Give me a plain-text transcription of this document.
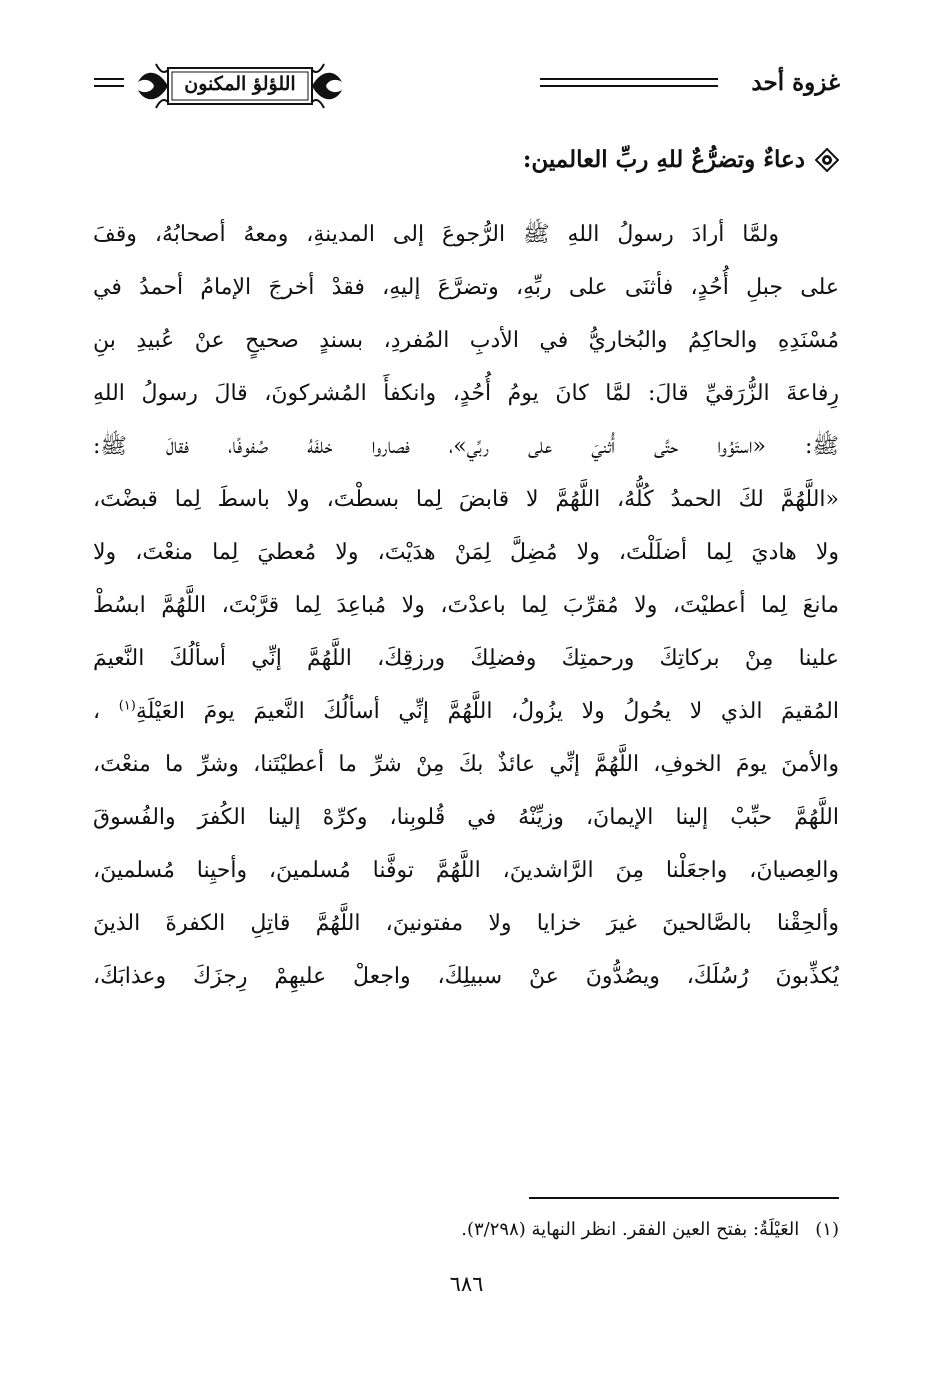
غزوة أحد
اللؤلؤ المكنون
دعاءٌ وتضرُّعٌ للهِ ربِّ العالمين:
ولمَّا أرادَ رسولُ اللهِ ﷺ الرُّجوعَ إلى المدينةِ، ومعهُ أصحابُهُ، وقفَ
على جبلِ أُحُدٍ، فأثنَى على ربِّهِ، وتضرَّعَ إليهِ، فقدْ أخرجَ الإمامُ أحمدُ في
مُسْنَدِهِ والحاكِمُ والبُخاريُّ في الأدبِ المُفردِ، بسندٍ صحيحٍ عنْ عُبيدِ بنِ
رِفاعةَ الزُّرَقيِّ قالَ: لمَّا كانَ يومُ أُحُدٍ، وانكفأَ المُشركونَ، قالَ رسولُ اللهِ
ﷺ: «استَوُوا حتَّى أُثنيَ على ربِّي»، فصاروا خلفَهُ صُفوفًا، فقالَ ﷺ:
«اللَّهُمَّ لكَ الحمدُ كُلُّهُ، اللَّهُمَّ لا قابضَ لِما بسطْتَ، ولا باسطَ لِما قبضْتَ،
ولا هاديَ لِما أضلَلْتَ، ولا مُضِلَّ لِمَنْ هدَيْتَ، ولا مُعطيَ لِما منعْتَ، ولا
مانعَ لِما أعطيْتَ، ولا مُقرِّبَ لِما باعدْتَ، ولا مُباعِدَ لِما قرَّبْتَ، اللَّهُمَّ ابسُطْ
علينا مِنْ بركاتِكَ ورحمتِكَ وفضلِكَ ورزقِكَ، اللَّهُمَّ إنِّي أسألُكَ النَّعيمَ
المُقيمَ الذي لا يحُولُ ولا يزُولُ، اللَّهُمَّ إنِّي أسألُكَ النَّعيمَ يومَ العَيْلَةِ$^{(١)}$ ،
والأمنَ يومَ الخوفِ، اللَّهُمَّ إنِّي عائذٌ بكَ مِنْ شرِّ ما أعطيْتَنا، وشرِّ ما منعْتَ،
اللَّهُمَّ حبِّبْ إلينا الإيمانَ، وزيِّنْهُ في قُلوبِنا، وكرِّهْ إلينا الكُفرَ والفُسوقَ
والعِصيانَ، واجعَلْنا مِنَ الرَّاشدينَ، اللَّهُمَّ توفَّنا مُسلمينَ، وأحيِنا مُسلمينَ،
وألحِقْنا بالصَّالحينَ غيرَ خزايا ولا مفتونينَ، اللَّهُمَّ قاتِلِ الكفرةَ الذينَ
يُكذِّبونَ رُسُلَكَ، ويصُدُّونَ عنْ سبيلِكَ، واجعلْ عليهِمْ رِجزَكَ وعذابَكَ،
(١)
العَيْلَةُ: بفتح العين الفقر. انظر النهاية (٣/٢٩٨).
٦٨٦
